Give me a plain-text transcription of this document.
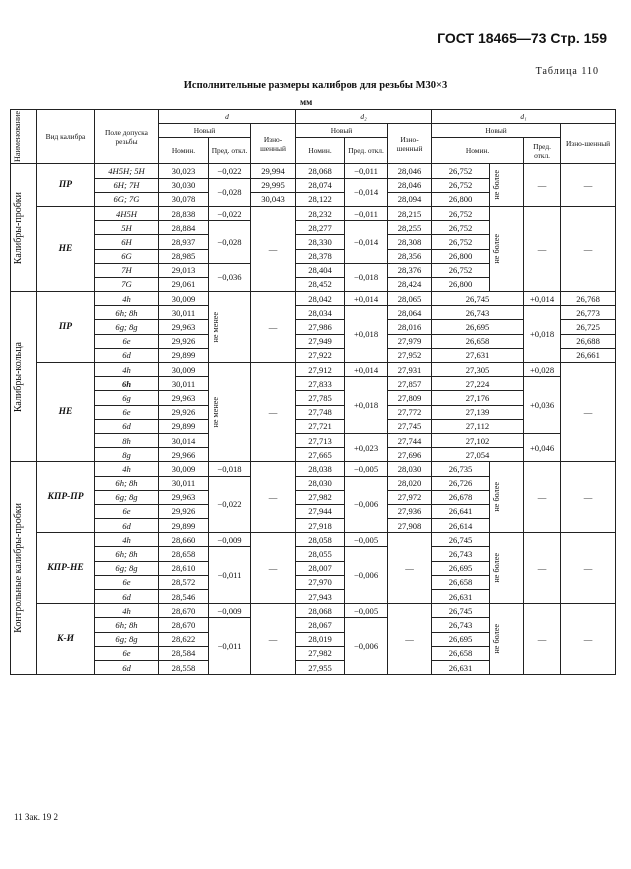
ГОСТ 18465—73 Стр. 159
Таблица 110
Исполнительные размеры калибров для резьбы М30×3
мм
Наименование	Вид калибра	Поле допуска резьбы	d			d₂			d₁			
			Новый		Изно-шенный	Новый		Изно-шенный	Новый			Изно-шенный
			Номин.	Пред. откл.		Номин.	Пред. откл.		Номин.		Пред. откл.	

Калибры-пробки	ПР	4H5H; 5H	30,023	−0,022	29,994	28,068	−0,011	28,046	26,752	не более	—	—
		6H; 7H	30,030	−0,028	29,995	28,074	−0,014	28,046	26,752			
		6G; 7G	30,078		30,043	28,122		28,094	26,800			
	НЕ	4H5H	28,838	−0,022	—	28,232	−0,011	28,215	26,752	не более	—	—
		5H	28,884	−0,028		28,277	−0,014	28,255	26,752			
		6H	28,937			28,330		28,308	26,752			
		6G	28,985			28,378		28,356	26,800			
		7H	29,013	−0,036		28,404	−0,018	28,376	26,752			
		7G	29,061			28,452		28,424	26,800			

Калибры-кольца	ПР	4h	30,009	не менее	—	28,042	+0,014	28,065	26,745		+0,014	26,768
		6h; 8h	30,011			28,034	+0,018	28,064	26,743		+0,018	26,773
		6g; 8g	29,963			27,986		28,016	26,695			26,725
		6e	29,926			27,949		27,979	26,658			26,688
		6d	29,899			27,922		27,952	27,631			26,661
	НЕ	4h	30,009	не менее	—	27,912	+0,014	27,931	27,305		+0,028	—
		6h	30,011			27,833	+0,018	27,857	27,224		+0,036	
		6g	29,963			27,785		27,809	27,176			
		6e	29,926			27,748		27,772	27,139			
		6d	29,899			27,721		27,745	27,112			
		8h	30,014			27,713	+0,023	27,744	27,102		+0,046	
		8g	29,966			27,665		27,696	27,054			

Контрольные калибры-пробки	КПР-ПР	4h	30,009	−0,018	—	28,038	−0,005	28,030	26,735	не более	—	—
		6h; 8h	30,011	−0,022		28,030	−0,006	28,020	26,726			
		6g; 8g	29,963			27,982		27,972	26,678			
		6e	29,926			27,944		27,936	26,641			
		6d	29,899			27,918		27,908	26,614			
	КПР-НЕ	4h	28,660	−0,009	—	28,058	−0,005	—	26,745	не более	—	—
		6h; 8h	28,658	−0,011		28,055	−0,006		26,743			
		6g; 8g	28,610			28,007			26,695			
		6e	28,572			27,970			26,658			
		6d	28,546			27,943			26,631			
	К-И	4h	28,670	−0,009	—	28,068	−0,005	—	26,745	не более	—	—
		6h; 8h	28,670	−0,011		28,067	−0,006		26,743			
		6g; 8g	28,622			28,019			26,695			
		6e	28,584			27,982			26,658			
		6d	28,558			27,955			26,631			
11 Зак. 19 2
